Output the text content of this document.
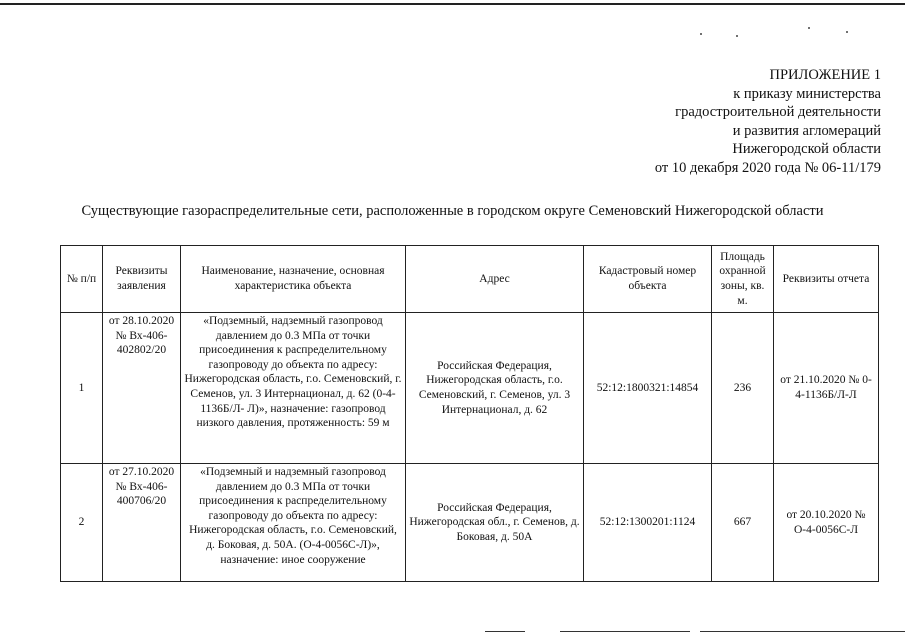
ПРИЛОЖЕНИЕ 1
к приказу министерства
градостроительной деятельности
и развития агломераций
Нижегородской области
от 10 декабря 2020 года № 06-11/179
Существующие газораспределительные сети, расположенные в городском округе Семеновский Нижегородской области
№ п/п	Реквизиты заявления	Наименование, назначение, основная характеристика объекта	Адрес	Кадастровый номер объекта	Площадь охранной зоны, кв. м.	Реквизиты отчета
1	от 28.10.2020 № Вх-406-402802/20	«Подземный, надземный газопровод давлением до 0.3 МПа от точки присоединения к распределительному газопроводу до объекта по адресу: Нижегородская область, г.о. Семеновский, г. Семенов, ул. 3 Интернационал, д. 62 (0-4-1136Б/Л- Л)», назначение: газопровод низкого давления, протяженность: 59 м	Российская Федерация, Нижегородская область, г.о. Семеновский, г. Семенов, ул. 3 Интернационал, д. 62	52:12:1800321:14854	236	от 21.10.2020 № 0-4-1136Б/Л-Л
2	от 27.10.2020 № Вх-406-400706/20	«Подземный и надземный газопровод давлением до 0.3 МПа от точки присоединения к распределительному газопроводу до объекта по адресу: Нижегородская область, г.о. Семеновский, д. Боковая, д. 50А. (О-4-0056С-Л)», назначение: иное сооружение	Российская Федерация, Нижегородская обл., г. Семенов, д. Боковая, д. 50А	52:12:1300201:1124	667	от 20.10.2020 № О-4-0056С-Л
